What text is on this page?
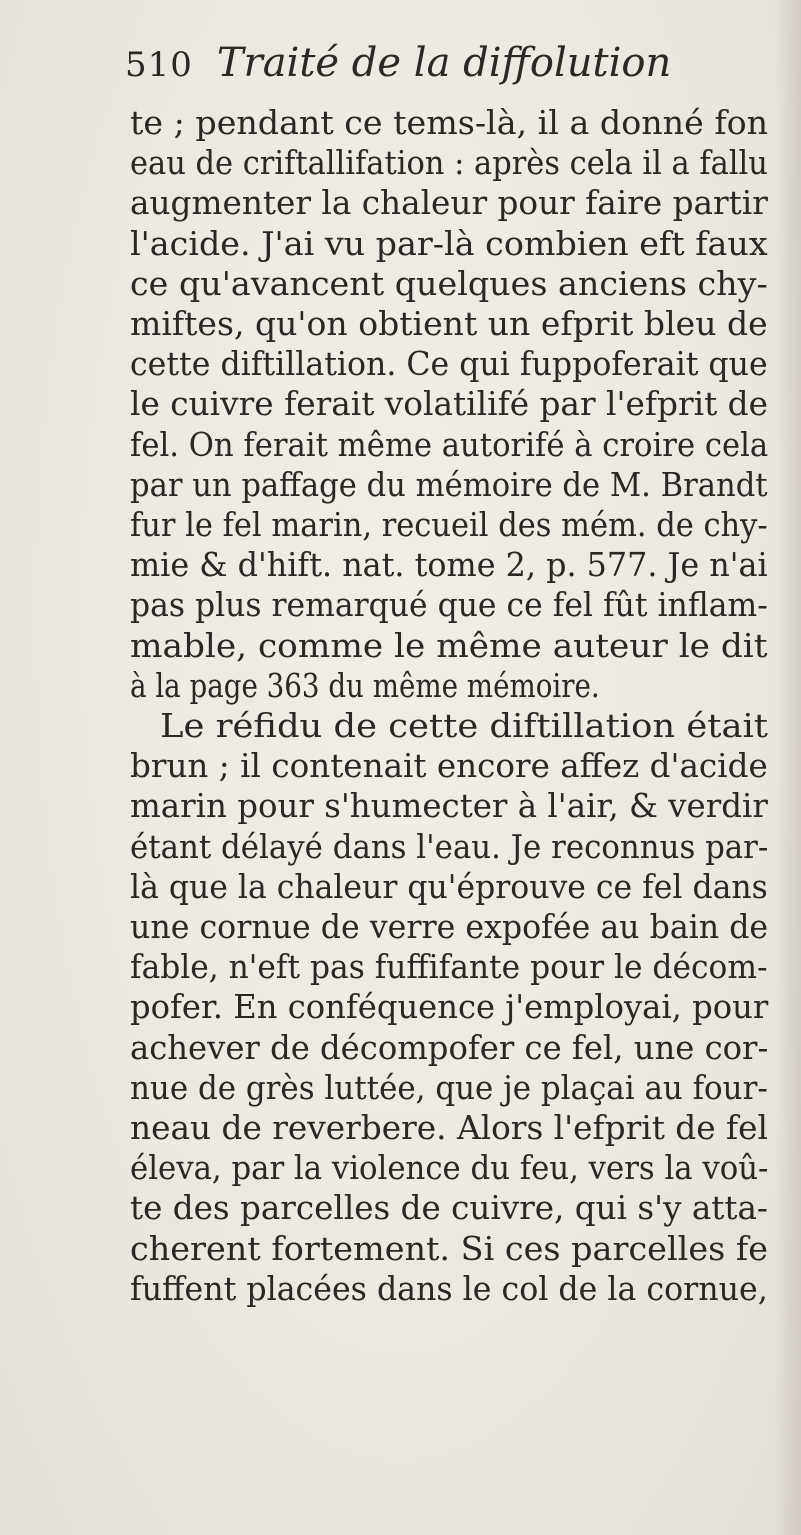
510 Traité de la diffolution
te ; pendant ce tems-là, il a donné fon
eau de criftallifation : après cela il a fallu
augmenter la chaleur pour faire partir
l'acide. J'ai vu par-là combien eft faux
ce qu'avancent quelques anciens chy-
miftes, qu'on obtient un efprit bleu de
cette diftillation. Ce qui fuppoferait que
le cuivre ferait volatilifé par l'efprit de
fel. On ferait même autorifé à croire cela
par un paffage du mémoire de M. Brandt
fur le fel marin, recueil des mém. de chy-
mie & d'hift. nat. tome 2, p. 577. Je n'ai
pas plus remarqué que ce fel fût inflam-
mable, comme le même auteur le dit
à la page 363 du même mémoire.
Le réfidu de cette diftillation était
brun ; il contenait encore affez d'acide
marin pour s'humecter à l'air, & verdir
étant délayé dans l'eau. Je reconnus par-
là que la chaleur qu'éprouve ce fel dans
une cornue de verre expofée au bain de
fable, n'eft pas fuffifante pour le décom-
pofer. En conféquence j'employai, pour
achever de décompofer ce fel, une cor-
nue de grès luttée, que je plaçai au four-
neau de reverbere. Alors l'efprit de fel
éleva, par la violence du feu, vers la voû-
te des parcelles de cuivre, qui s'y atta-
cherent fortement. Si ces parcelles fe
fuffent placées dans le col de la cornue,
